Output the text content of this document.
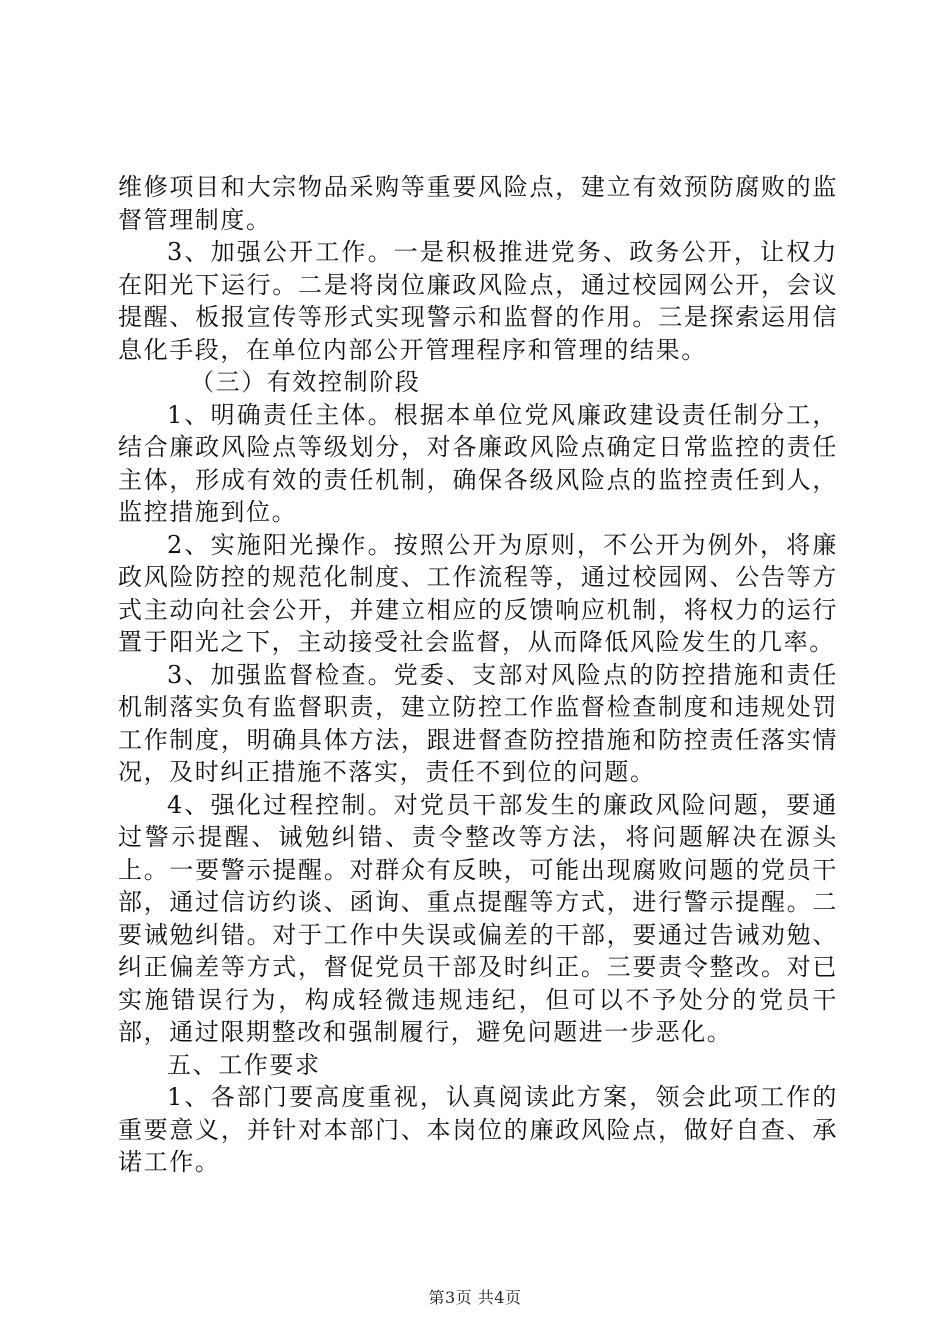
维修项目和大宗物品采购等重要风险点，建立有效预防腐败的监督管理制度。

3、加强公开工作。一是积极推进党务、政务公开，让权力在阳光下运行。二是将岗位廉政风险点，通过校园网公开，会议提醒、板报宣传等形式实现警示和监督的作用。三是探索运用信息化手段，在单位内部公开管理程序和管理的结果。

（三）有效控制阶段

1、明确责任主体。根据本单位党风廉政建设责任制分工，结合廉政风险点等级划分，对各廉政风险点确定日常监控的责任主体，形成有效的责任机制，确保各级风险点的监控责任到人，监控措施到位。

2、实施阳光操作。按照公开为原则，不公开为例外，将廉政风险防控的规范化制度、工作流程等，通过校园网、公告等方式主动向社会公开，并建立相应的反馈响应机制，将权力的运行置于阳光之下，主动接受社会监督，从而降低风险发生的几率。

3、加强监督检查。党委、支部对风险点的防控措施和责任机制落实负有监督职责，建立防控工作监督检查制度和违规处罚工作制度，明确具体方法，跟进督查防控措施和防控责任落实情况，及时纠正措施不落实，责任不到位的问题。

4、强化过程控制。对党员干部发生的廉政风险问题，要通过警示提醒、诫勉纠错、责令整改等方法，将问题解决在源头上。一要警示提醒。对群众有反映，可能出现腐败问题的党员干部，通过信访约谈、函询、重点提醒等方式，进行警示提醒。二要诫勉纠错。对于工作中失误或偏差的干部，要通过告诫劝勉、纠正偏差等方式，督促党员干部及时纠正。三要责令整改。对已实施错误行为，构成轻微违规违纪，但可以不予处分的党员干部，通过限期整改和强制履行，避免问题进一步恶化。

五、工作要求

1、各部门要高度重视，认真阅读此方案，领会此项工作的重要意义，并针对本部门、本岗位的廉政风险点，做好自查、承诺工作。

第3页 共4页
